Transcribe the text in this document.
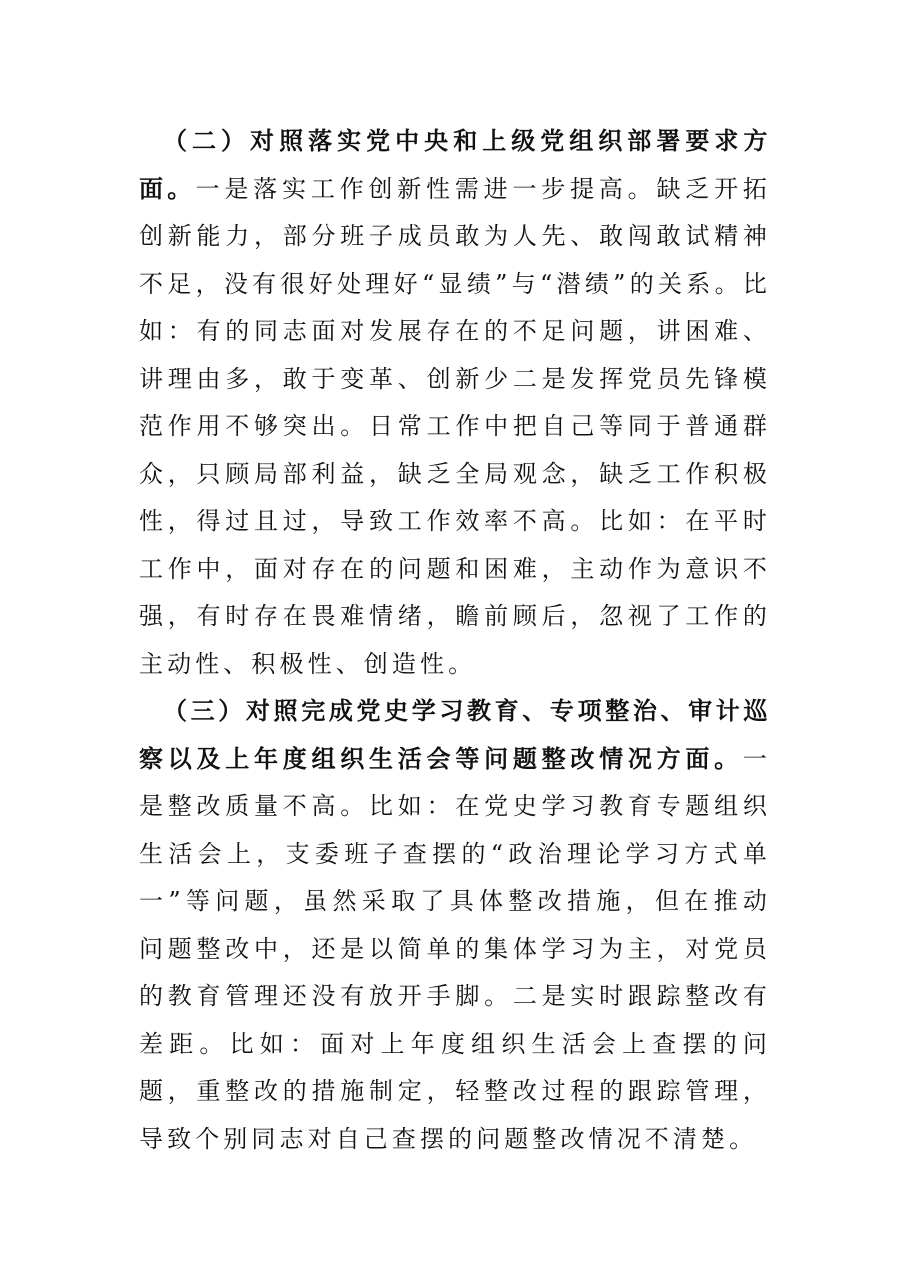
（二）对照落实党中央和上级党组织部署要求方面。一是落实工作创新性需进一步提高。缺乏开拓创新能力，部分班子成员敢为人先、敢闯敢试精神不足，没有很好处理好“显绩”与“潜绩”的关系。比如：有的同志面对发展存在的不足问题，讲困难、讲理由多，敢于变革、创新少二是发挥党员先锋模范作用不够突出。日常工作中把自己等同于普通群众，只顾局部利益，缺乏全局观念，缺乏工作积极性，得过且过，导致工作效率不高。比如：在平时工作中，面对存在的问题和困难，主动作为意识不强，有时存在畏难情绪，瞻前顾后，忽视了工作的主动性、积极性、创造性。

（三）对照完成党史学习教育、专项整治、审计巡察以及上年度组织生活会等问题整改情况方面。一是整改质量不高。比如：在党史学习教育专题组织生活会上，支委班子查摆的“政治理论学习方式单一”等问题，虽然采取了具体整改措施，但在推动问题整改中，还是以简单的集体学习为主，对党员的教育管理还没有放开手脚。二是实时跟踪整改有差距。比如：面对上年度组织生活会上查摆的问题，重整改的措施制定，轻整改过程的跟踪管理，导致个别同志对自己查摆的问题整改情况不清楚。
